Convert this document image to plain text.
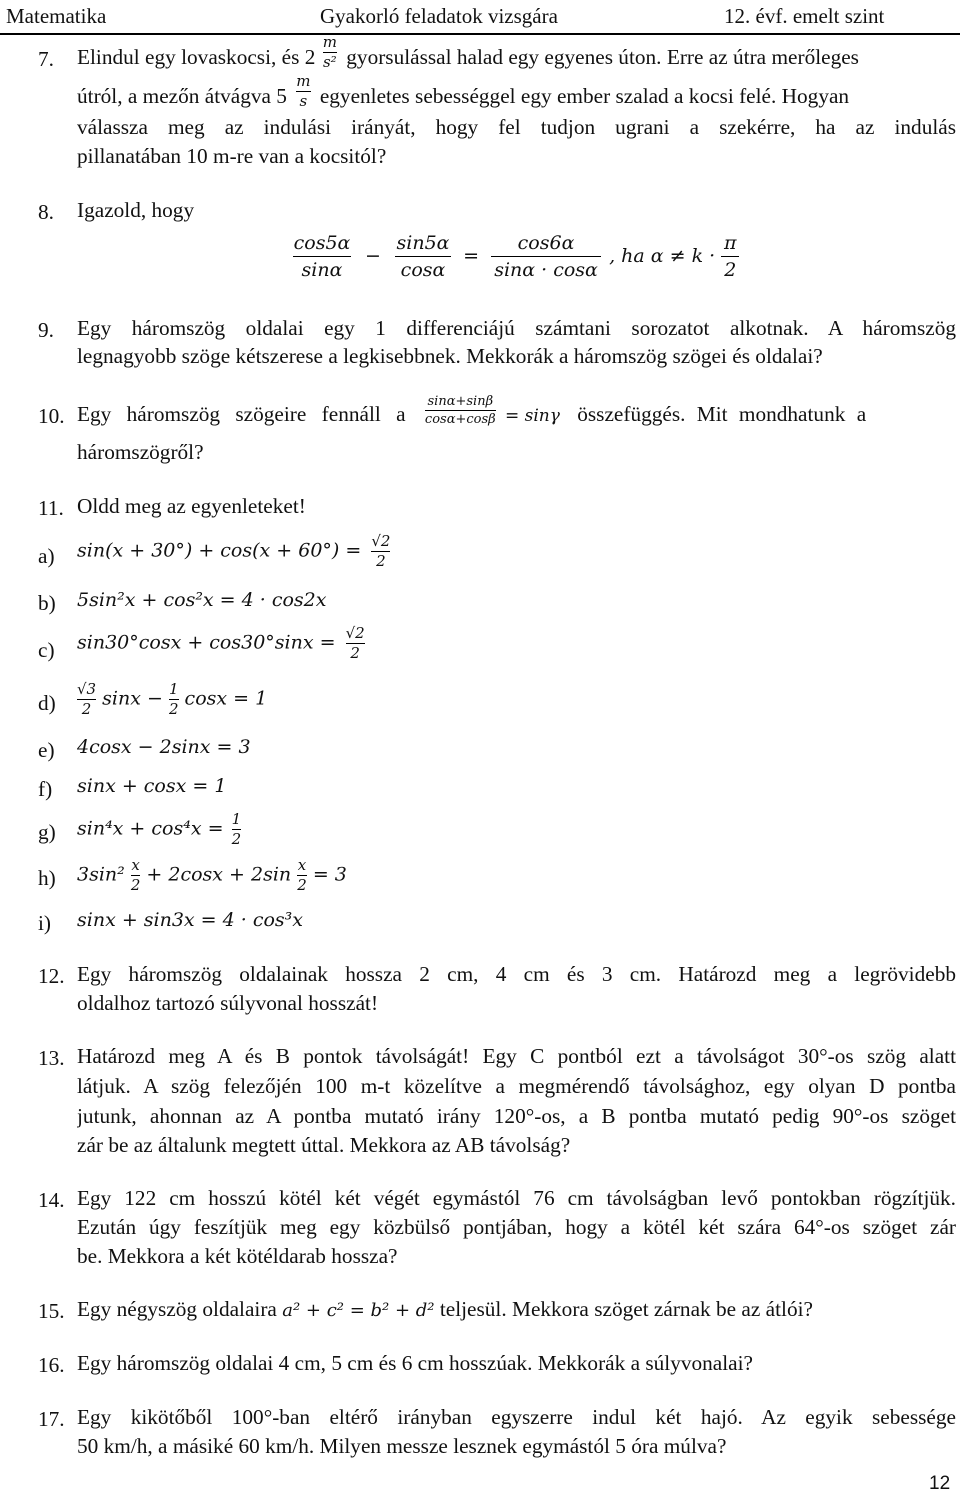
Matematika	Gyakorló feladatok vizsgára	12. évf. emelt szint
7. Elindul egy lovaskocsi, és $2 \frac{m}{\text{s²}}$ gyorsulással halad egy egyenes úton. Erre az útra merőleges
útról, a mezőn átvágva $5 \frac{m}{s}$ egyenletes sebességgel egy ember szalad a kocsi felé. Hogyan
válassza meg az indulási irányát, hogy fel tudjon ugrani a szekérre, ha az indulás
pillanatában 10 m-re van a kocsitól?
8. Igazold, hogy
$\frac{\cos 5\alpha}{\sin\alpha} - \frac{\sin 5\alpha}{\cos\alpha} = \frac{\cos 6\alpha}{\sin\alpha \cdot \cos\alpha}$ , ha $\alpha \ne k \cdot \frac{\pi}{2}$
9. Egy háromszög oldalai egy 1 differenciájú számtani sorozatot alkotnak. A háromszög
legnagyobb szöge kétszerese a legkisebbnek. Mekkorák a háromszög szögei és oldalai?
10. Egy háromszög szögeire fennáll a $\frac{\sin\alpha+\sin\beta}{\cos\alpha+\cos\beta} = \sin\gamma$ összefüggés. Mit mondhatunk a
háromszögről?
11. Oldd meg az egyenleteket!
a) $\sin(x + 30^\circ) + \cos(x + 60^\circ) = \frac{√2}{2}$
b) 5sin²x + cos²x = 4 · cos2x
c) $\sin 30^\circ\cos x + \cos 30^\circ\sin x = \frac{√2}{2}$
$d) \frac{√3}{2}$ $\sin x - \frac{1}{2}$ cosx = 1
e) 4cosx − 2sinx = 3
f) sinx + cosx = 1
g) $\sin^4x + \cos^4x = \frac{1}{2}$
h) $3\sin^2 \frac{x}{2} + 2\cos x + 2\sin \frac{x}{2} = 3$
i) sinx + sin3x = 4 · cos³x
12. Egy háromszög oldalainak hossza 2 cm, 4 cm és 3 cm. Határozd meg a legrövidebb
oldalhoz tartozó súlyvonal hosszát!
13. Határozd meg A és B pontok távolságát! Egy C pontból ezt a távolságot 30°-os szög alatt
látjuk. A szög felezőjén 100 m-t közelítve a megmérendő távolsághoz, egy olyan D pontba
jutunk, ahonnan az A pontba mutató irány 120°-os, a B pontba mutató pedig 90°-os szöget
zár be az általunk megtett úttal. Mekkora az AB távolság?
14. Egy 122 cm hosszú kötél két végét egymástól 76 cm távolságban levő pontokban rögzítjük.
Ezután úgy feszítjük meg egy közbülső pontjában, hogy a kötél két szára 64°-os szöget zár
be. Mekkora a két kötéldarab hossza?
15. Egy négyszög oldalaira a² + c² = b² + d² teljesül. Mekkora szöget zárnak be az átlói?
16. Egy háromszög oldalai 4 cm, 5 cm és 6 cm hosszúak. Mekkorák a súlyvonalai?
17. Egy kikötőből 100°-ban eltérő irányban egyszerre indul két hajó. Az egyik sebessége
50 km/h, a másiké 60 km/h. Milyen messze lesznek egymástól 5 óra múlva?
12
